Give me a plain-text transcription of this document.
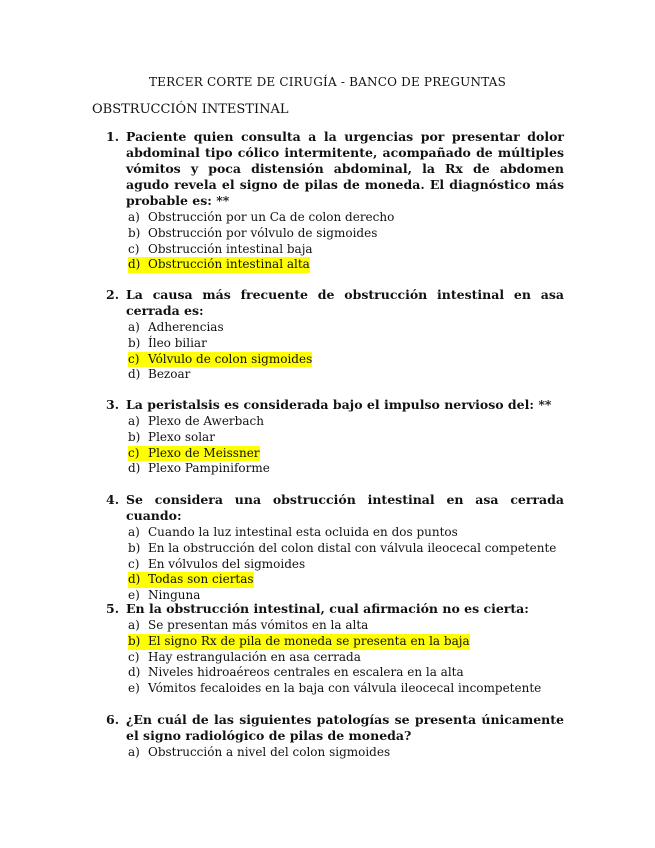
TERCER CORTE DE CIRUGÍA - BANCO DE PREGUNTAS
OBSTRUCCIÓN INTESTINAL
1. Paciente quien consulta a la urgencias por presentar dolor abdominal tipo cólico intermitente, acompañado de múltiples vómitos y poca distensión abdominal, la Rx de abdomen agudo revela el signo de pilas de moneda. El diagnóstico más probable es: **
a) Obstrucción por un Ca de colon derecho
b) Obstrucción por vólvulo de sigmoides
c) Obstrucción intestinal baja
d) Obstrucción intestinal alta
2. La causa más frecuente de obstrucción intestinal en asa cerrada es:
a) Adherencias
b) Íleo biliar
c) Vólvulo de colon sigmoides
d) Bezoar
3. La peristalsis es considerada bajo el impulso nervioso del: **
a) Plexo de Awerbach
b) Plexo solar
c) Plexo de Meissner
d) Plexo Pampiniforme
4. Se considera una obstrucción intestinal en asa cerrada cuando:
a) Cuando la luz intestinal esta ocluida en dos puntos
b) En la obstrucción del colon distal con válvula ileocecal competente
c) En vólvulos del sigmoides
d) Todas son ciertas
e) Ninguna
5. En la obstrucción intestinal, cual afirmación no es cierta:
a) Se presentan más vómitos en la alta
b) El signo Rx de pila de moneda se presenta en la baja
c) Hay estrangulación en asa cerrada
d) Niveles hidroaéreos centrales en escalera en la alta
e) Vómitos fecaloides en la baja con válvula ileocecal incompetente
6. ¿En cuál de las siguientes patologías se presenta únicamente el signo radiológico de pilas de moneda?
a) Obstrucción a nivel del colon sigmoides
